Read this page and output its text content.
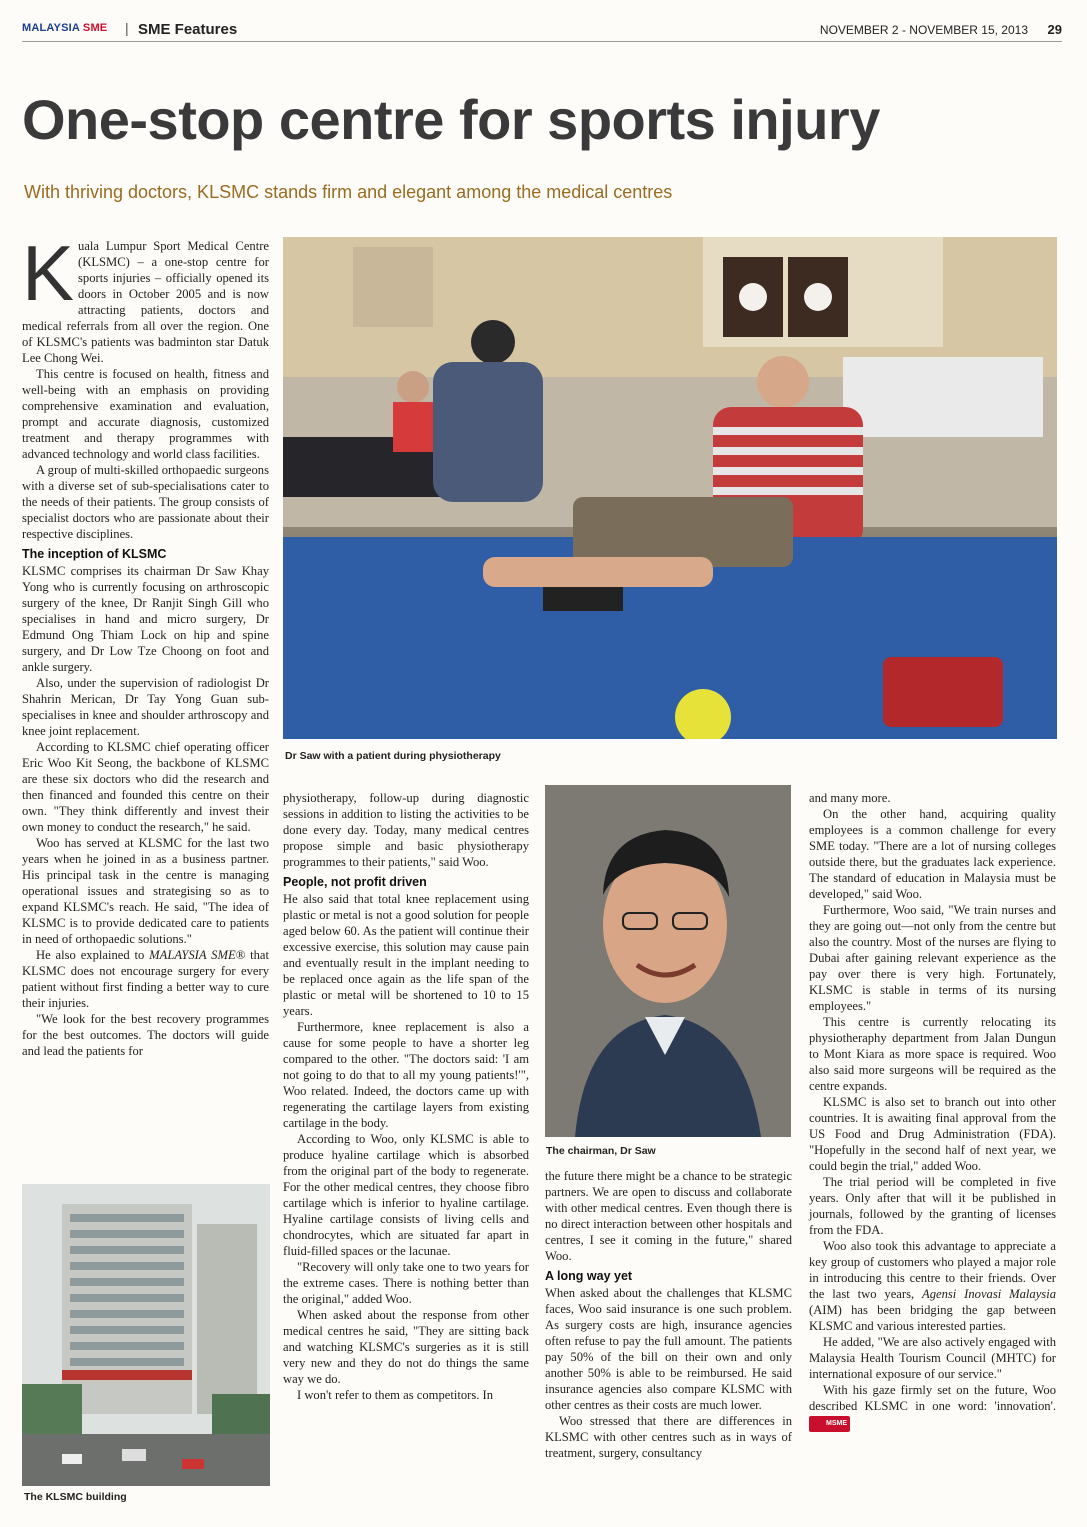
MALAYSIA SME | SME Features	NOVEMBER 2 - NOVEMBER 15, 2013 29
One-stop centre for sports injury
With thriving doctors, KLSMC stands firm and elegant among the medical centres
Dr Saw with a patient during physiotherapy
The chairman, Dr Saw
The KLSMC building

Kuala Lumpur Sport Medical Centre (KLSMC) – a one-stop centre for sports injuries – officially opened its doors in October 2005 and is now attracting patients, doctors and medical referrals from all over the region. One of KLSMC's patients was badminton star Datuk Lee Chong Wei.

This centre is focused on health, fitness and well-being with an emphasis on providing comprehensive examination and evaluation, prompt and accurate diagnosis, customized treatment and therapy programmes with advanced technology and world class facilities.

A group of multi-skilled orthopaedic surgeons with a diverse set of sub-specialisations cater to the needs of their patients. The group consists of specialist doctors who are passionate about their respective disciplines.

The inception of KLSMC

KLSMC comprises its chairman Dr Saw Khay Yong who is currently focusing on arthroscopic surgery of the knee, Dr Ranjit Singh Gill who specialises in hand and micro surgery, Dr Edmund Ong Thiam Lock on hip and spine surgery, and Dr Low Tze Choong on foot and ankle surgery.

Also, under the supervision of radiologist Dr Shahrin Merican, Dr Tay Yong Guan sub-specialises in knee and shoulder arthroscopy and knee joint replacement.

According to KLSMC chief operating officer Eric Woo Kit Seong, the backbone of KLSMC are these six doctors who did the research and then financed and founded this centre on their own. "They think differently and invest their own money to conduct the research," he said.

Woo has served at KLSMC for the last two years when he joined in as a business partner. His principal task in the centre is managing operational issues and strategising so as to expand KLSMC's reach. He said, "The idea of KLSMC is to provide dedicated care to patients in need of orthopaedic solutions."

He also explained to MALAYSIA SME® that KLSMC does not encourage surgery for every patient without first finding a better way to cure their injuries.

"We look for the best recovery programmes for the best outcomes. The doctors will guide and lead the patients for

physiotherapy, follow-up during diagnostic sessions in addition to listing the activities to be done every day. Today, many medical centres propose simple and basic physiotherapy programmes to their patients," said Woo.

People, not profit driven

He also said that total knee replacement using plastic or metal is not a good solution for people aged below 60. As the patient will continue their excessive exercise, this solution may cause pain and eventually result in the implant needing to be replaced once again as the life span of the plastic or metal will be shortened to 10 to 15 years.

Furthermore, knee replacement is also a cause for some people to have a shorter leg compared to the other. "The doctors said: 'I am not going to do that to all my young patients!'", Woo related. Indeed, the doctors came up with regenerating the cartilage layers from existing cartilage in the body.

According to Woo, only KLSMC is able to produce hyaline cartilage which is absorbed from the original part of the body to regenerate. For the other medical centres, they choose fibro cartilage which is inferior to hyaline cartilage. Hyaline cartilage consists of living cells and chondrocytes, which are situated far apart in fluid-filled spaces or the lacunae.

"Recovery will only take one to two years for the extreme cases. There is nothing better than the original," added Woo.

When asked about the response from other medical centres he said, "They are sitting back and watching KLSMC's surgeries as it is still very new and they do not do things the same way we do.

I won't refer to them as competitors. In

the future there might be a chance to be strategic partners. We are open to discuss and collaborate with other medical centres. Even though there is no direct interaction between other hospitals and centres, I see it coming in the future," shared Woo.

A long way yet

When asked about the challenges that KLSMC faces, Woo said insurance is one such problem. As surgery costs are high, insurance agencies often refuse to pay the full amount. The patients pay 50% of the bill on their own and only another 50% is able to be reimbursed. He said insurance agencies also compare KLSMC with other centres as their costs are much lower.

Woo stressed that there are differences in KLSMC with other centres such as in ways of treatment, surgery, consultancy

and many more.

On the other hand, acquiring quality employees is a common challenge for every SME today. "There are a lot of nursing colleges outside there, but the graduates lack experience. The standard of education in Malaysia must be developed," said Woo.

Furthermore, Woo said, "We train nurses and they are going out—not only from the centre but also the country. Most of the nurses are flying to Dubai after gaining relevant experience as the pay over there is very high. Fortunately, KLSMC is stable in terms of its nursing employees."

This centre is currently relocating its physiotheraphy department from Jalan Dungun to Mont Kiara as more space is required. Woo also said more surgeons will be required as the centre expands.

KLSMC is also set to branch out into other countries. It is awaiting final approval from the US Food and Drug Administration (FDA). "Hopefully in the second half of next year, we could begin the trial," added Woo.

The trial period will be completed in five years. Only after that will it be published in journals, followed by the granting of licenses from the FDA.

Woo also took this advantage to appreciate a key group of customers who played a major role in introducing this centre to their friends. Over the last two years, Agensi Inovasi Malaysia (AIM) has been bridging the gap between KLSMC and various interested parties.

He added, "We are also actively engaged with Malaysia Health Tourism Council (MHTC) for international exposure of our service."

With his gaze firmly set on the future, Woo described KLSMC in one word: 'innovation'. MSME
